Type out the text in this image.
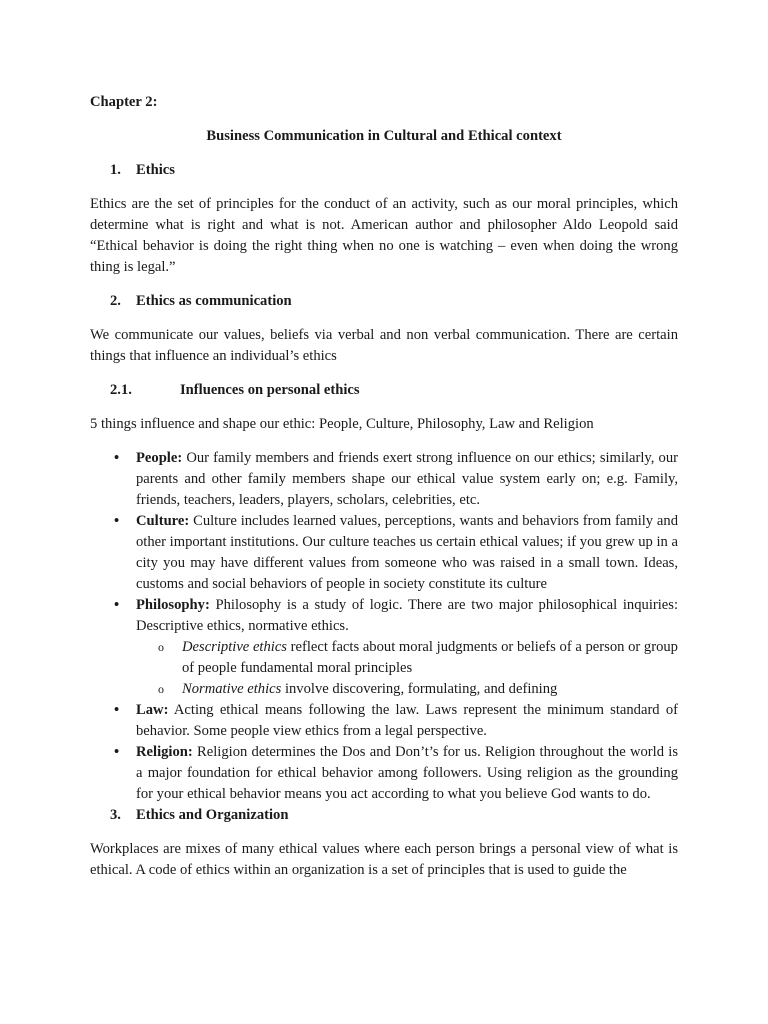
Chapter 2:

Business Communication in Cultural and Ethical context

1.	Ethics

Ethics are the set of principles for the conduct of an activity, such as our moral principles, which determine what is right and what is not. American author and philosopher Aldo Leopold said “Ethical behavior is doing the right thing when no one is watching – even when doing the wrong thing is legal.”

2.	Ethics as communication

We communicate our values, beliefs via verbal and non verbal communication. There are certain things that influence an individual’s ethics

2.1.	Influences on personal ethics

5 things influence and shape our ethic: People, Culture, Philosophy, Law and Religion

• People: Our family members and friends exert strong influence on our ethics; similarly, our parents and other family members shape our ethical value system early on; e.g. Family, friends, teachers, leaders, players, scholars, celebrities, etc.
• Culture: Culture includes learned values, perceptions, wants and behaviors from family and other important institutions. Our culture teaches us certain ethical values; if you grew up in a city you may have different values from someone who was raised in a small town. Ideas, customs and social behaviors of people in society constitute its culture
• Philosophy: Philosophy is a study of logic. There are two major philosophical inquiries: Descriptive ethics, normative ethics.
o Descriptive ethics reflect facts about moral judgments or beliefs of a person or group of people fundamental moral principles
o Normative ethics involve discovering, formulating, and defining
• Law: Acting ethical means following the law. Laws represent the minimum standard of behavior. Some people view ethics from a legal perspective.
• Religion: Religion determines the Dos and Don’t’s for us. Religion throughout the world is a major foundation for ethical behavior among followers. Using religion as the grounding for your ethical behavior means you act according to what you believe God wants to do.
3.	Ethics and Organization

Workplaces are mixes of many ethical values where each person brings a personal view of what is ethical. A code of ethics within an organization is a set of principles that is used to guide the
